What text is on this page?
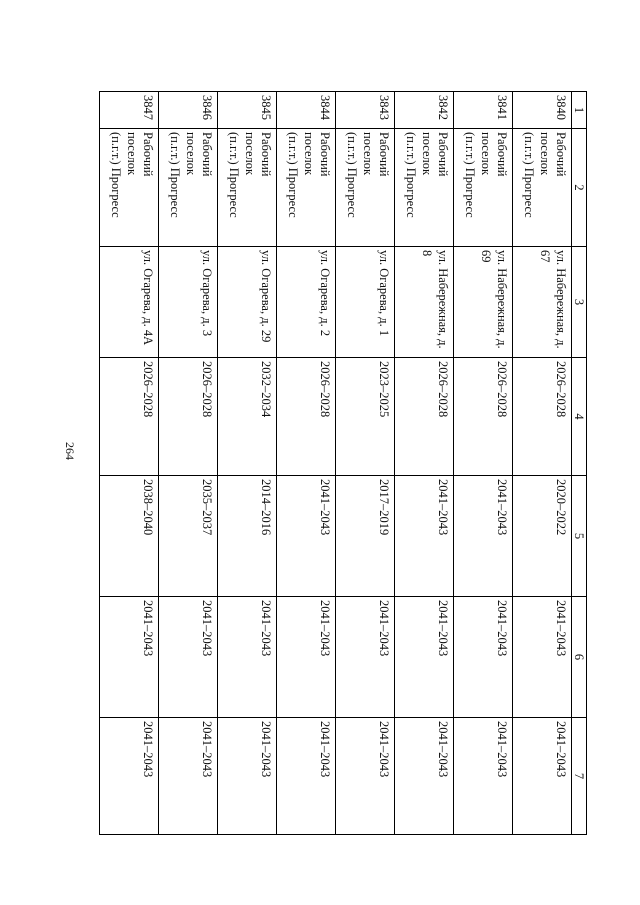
264
1	2	3	4	5	6	7
3840	Рабочий
поселок
(п.г.т.) Прогресс	ул. Набережная, д. 67	2026–2028	2020–2022	2041–2043	2041–2043
3841	Рабочий
поселок
(п.г.т.) Прогресс	ул. Набережная, д. 69	2026–2028	2041–2043	2041–2043	2041–2043
3842	Рабочий
поселок
(п.г.т.) Прогресс	ул. Набережная, д. 8	2026–2028	2041–2043	2041–2043	2041–2043
3843	Рабочий
поселок
(п.г.т.) Прогресс	ул. Огарева, д. 1	2023–2025	2017–2019	2041–2043	2041–2043
3844	Рабочий
поселок
(п.г.т.) Прогресс	ул. Огарева, д. 2	2026–2028	2041–2043	2041–2043	2041–2043
3845	Рабочий
поселок
(п.г.т.) Прогресс	ул. Огарева, д. 29	2032–2034	2014–2016	2041–2043	2041–2043
3846	Рабочий
поселок
(п.г.т.) Прогресс	ул. Огарева, д. 3	2026–2028	2035–2037	2041–2043	2041–2043
3847	Рабочий
поселок
(п.г.т.) Прогресс	ул. Огарева, д. 4А	2026–2028	2038–2040	2041–2043	2041–2043
